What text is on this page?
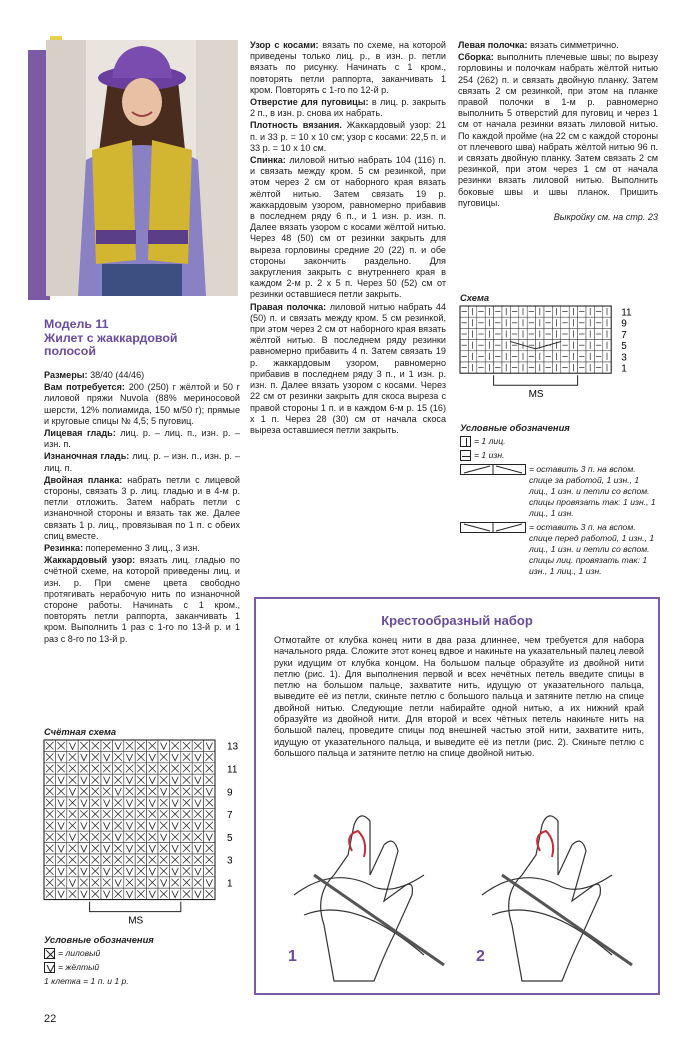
Модель 11
Жилет с жаккардовой
полосой

Размеры: 38/40 (44/46)

Вам потребуется: 200 (250) г жёлтой и 50 г лиловой пряжи Nuvola (88% мериносовой шерсти, 12% полиамида, 150 м/50 г); прямые и круговые спицы № 4,5; 5 пуговиц.

Лицевая гладь: лиц. р. – лиц. п., изн. р. – изн. п.

Изнаночная гладь: лиц. р. – изн. п., изн. р. – лиц. п.

Двойная планка: набрать петли с лицевой стороны, связать 3 р. лиц. гладью и в 4-м р. петли отложить. Затем набрать петли с изнаночной стороны и вязать так же. Далее связать 1 р. лиц., провязывая по 1 п. с обеих спиц вместе.

Резинка: попеременно 3 лиц., 3 изн.

Жаккардовый узор: вязать лиц. гладью по счётной схеме, на которой приведены лиц. и изн. р. При смене цвета свободно протягивать нерабочую нить по изнаночной стороне работы. Начинать с 1 кром., повторять петли раппорта, заканчивать 1 кром. Выполнить 1 раз с 1-го по 13-й р. и 1 раз с 8-го по 13-й р.

Счётная схема
13
11
9
7
5
3
1
MS
Условные обозначения
= лиловый
= жёлтый
1 клетка = 1 п. и 1 р.

Узор с косами: вязать по схеме, на которой приведены только лиц. р., в изн. р. петли вязать по рисунку. Начинать с 1 кром., повторять петли раппорта, заканчивать 1 кром. Повторять с 1-го по 12-й р.

Отверстие для пуговицы: в лиц. р. закрыть 2 п., в изн. р. снова их набрать.

Плотность вязания. Жаккардовый узор: 21 п. и 33 р. = 10 х 10 см; узор с косами: 22,5 п. и 33 р. = 10 х 10 см.

Спинка: лиловой нитью набрать 104 (116) п. и связать между кром. 5 см резинкой, при этом через 2 см от наборного края вязать жёлтой нитью. Затем связать 19 р. жаккардовым узором, равномерно прибавив в последнем ряду 6 п., и 1 изн. р. изн. п. Далее вязать узором с косами жёлтой нитью. Через 48 (50) см от резинки закрыть для выреза горловины средние 20 (22) п. и обе стороны закончить раздельно. Для закругления закрыть с внутреннего края в каждом 2-м р. 2 х 5 п. Через 50 (52) см от резинки оставшиеся петли закрыть.

Правая полочка: лиловой нитью набрать 44 (50) п. и связать между кром. 5 см резинкой, при этом через 2 см от наборного края вязать жёлтой нитью. В последнем ряду резинки равномерно прибавить 4 п. Затем связать 19 р. жаккардовым узором, равномерно прибавив в последнем ряду 3 п., и 1 изн. р. изн. п. Далее вязать узором с косами. Через 22 см от резинки закрыть для скоса выреза с правой стороны 1 п. и в каждом 6-м р. 15 (16) х 1 п. Через 28 (30) см от начала скоса выреза оставшиеся петли закрыть.

Левая полочка: вязать симметрично.

Сборка: выполнить плечевые швы; по вырезу горловины и полочкам набрать жёлтой нитью 254 (262) п. и связать двойную планку. Затем связать 2 см резинкой, при этом на планке правой полочки в 1-м р. равномерно выполнить 5 отверстий для пуговиц и через 1 см от начала резинки вязать лиловой нитью. По каждой пройме (на 22 см с каждой стороны от плечевого шва) набрать жёлтой нитью 96 п. и связать двойную планку. Затем связать 2 см резинкой, при этом через 1 см от начала резинки вязать лиловой нитью. Выполнить боковые швы и швы планок. Пришить пуговицы.

Выкройку см. на стр. 23
Схема
11
9
7
5
3
1
MS
Условные обозначения
= 1 лиц.
= 1 изн.
= оставить 3 п. на вспом. спице за работой, 1 изн., 1 лиц., 1 изн. и петли со вспом. спицы провязать так: 1 изн., 1 лиц., 1 изн.
= оставить 3 п. на вспом. спице перед работой, 1 изн., 1 лиц., 1 изн. и петли со вспом. спицы лиц. провязать так: 1 изн., 1 лиц., 1 изн.
Крестообразный набор
Отмотайте от клубка конец нити в два раза длиннее, чем требуется для набора начального ряда. Сложите этот конец вдвое и накиньте на указательный палец левой руки идущим от клубка концом. На большом пальце образуйте из двойной нити петлю (рис. 1). Для выполнения первой и всех нечётных петель введите спицы в петлю на большом пальце, захватите нить, идущую от указательного пальца, выведите её из петли, скиньте петлю с большого пальца и затяните петлю на спице двойной нитью. Следующие петли набирайте одной нитью, а их нижний край образуйте из двойной нити. Для второй и всех чётных петель накиньте нить на большой палец, проведите спицы под внешней частью этой нити, захватите нить, идущую от указательного пальца, и выведите её из петли (рис. 2). Скиньте петлю с большого пальца и затяните петлю на спице двойной нитью.
1	2
22
